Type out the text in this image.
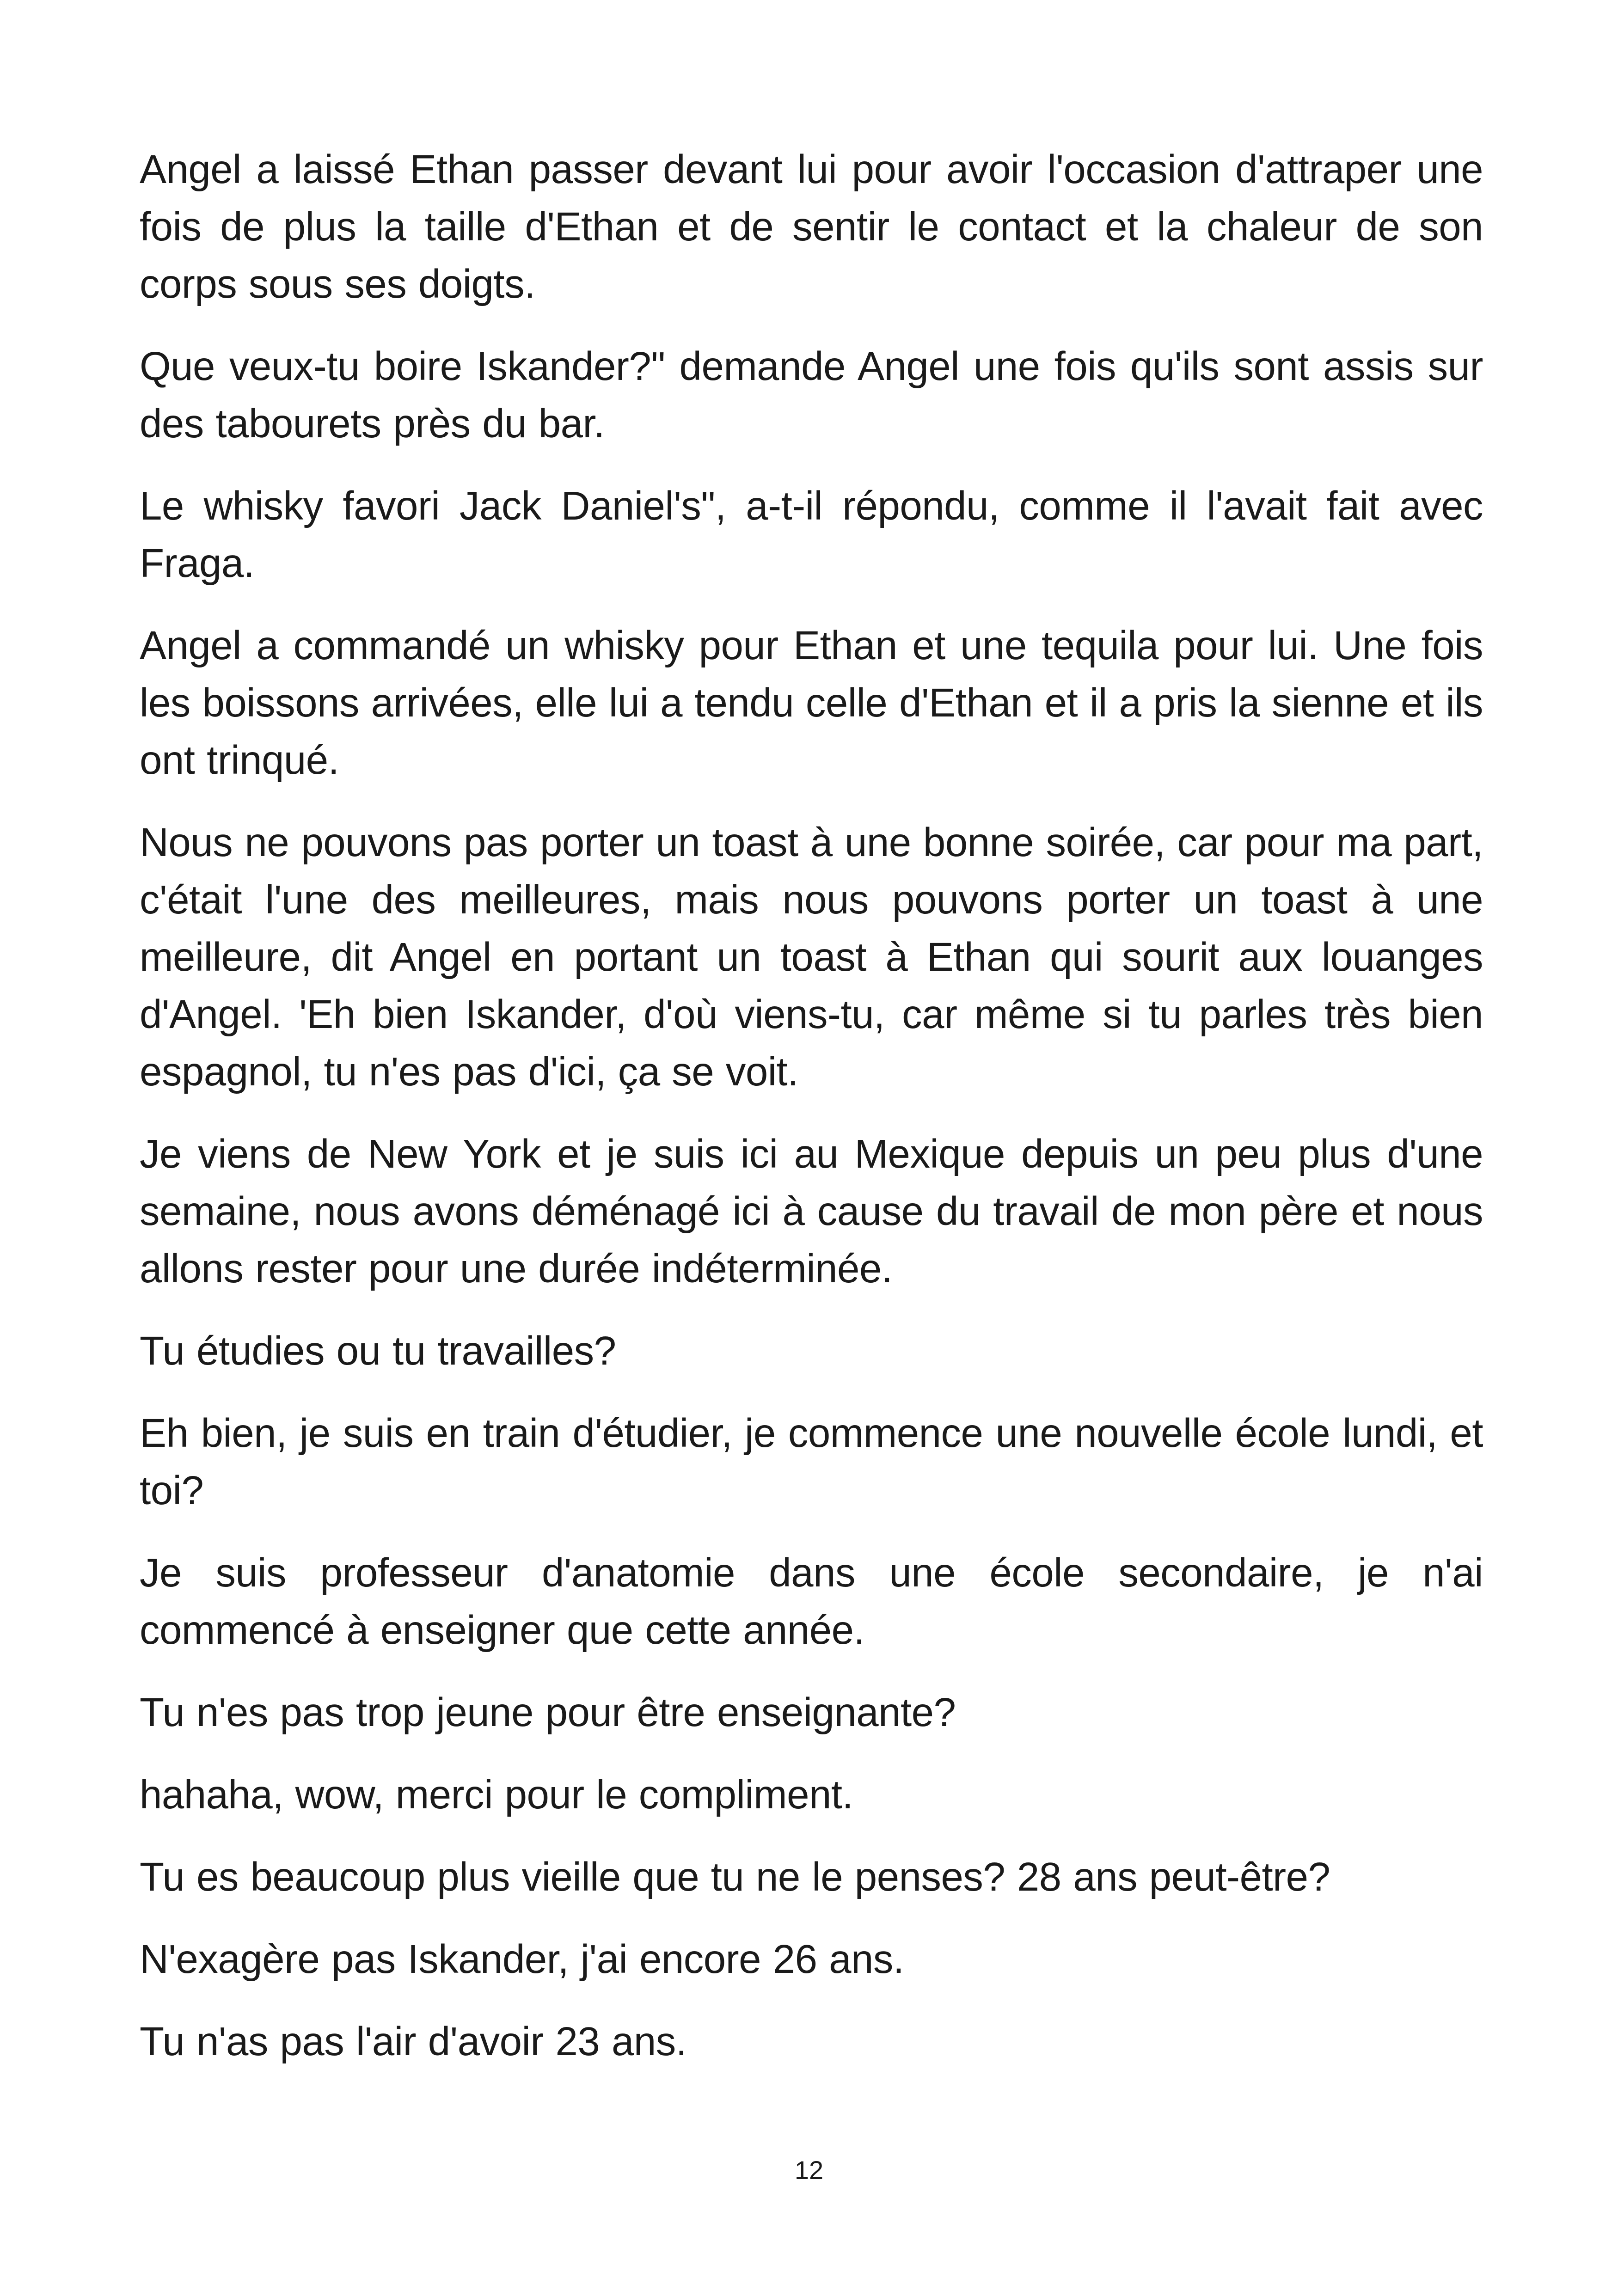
Angel a laissé Ethan passer devant lui pour avoir l'occasion d'attraper une fois de plus la taille d'Ethan et de sentir le contact et la chaleur de son corps sous ses doigts.

Que veux-tu boire Iskander?" demande Angel une fois qu'ils sont assis sur des tabourets près du bar.

Le whisky favori Jack Daniel's", a-t-il répondu, comme il l'avait fait avec Fraga.

Angel a commandé un whisky pour Ethan et une tequila pour lui. Une fois les boissons arrivées, elle lui a tendu celle d'Ethan et il a pris la sienne et ils ont trinqué.

Nous ne pouvons pas porter un toast à une bonne soirée, car pour ma part, c'était l'une des meilleures, mais nous pouvons porter un toast à une meilleure, dit Angel en portant un toast à Ethan qui sourit aux louanges d'Angel. 'Eh bien Iskander, d'où viens-tu, car même si tu parles très bien espagnol, tu n'es pas d'ici, ça se voit.

Je viens de New York et je suis ici au Mexique depuis un peu plus d'une semaine, nous avons déménagé ici à cause du travail de mon père et nous allons rester pour une durée indéterminée.

Tu étudies ou tu travailles?

Eh bien, je suis en train d'étudier, je commence une nouvelle école lundi, et toi?

Je suis professeur d'anatomie dans une école secondaire, je n'ai commencé à enseigner que cette année.

Tu n'es pas trop jeune pour être enseignante?

hahaha, wow, merci pour le compliment.

Tu es beaucoup plus vieille que tu ne le penses? 28 ans peut-être?

N'exagère pas Iskander, j'ai encore 26 ans.

Tu n'as pas l'air d'avoir 23 ans.

12
